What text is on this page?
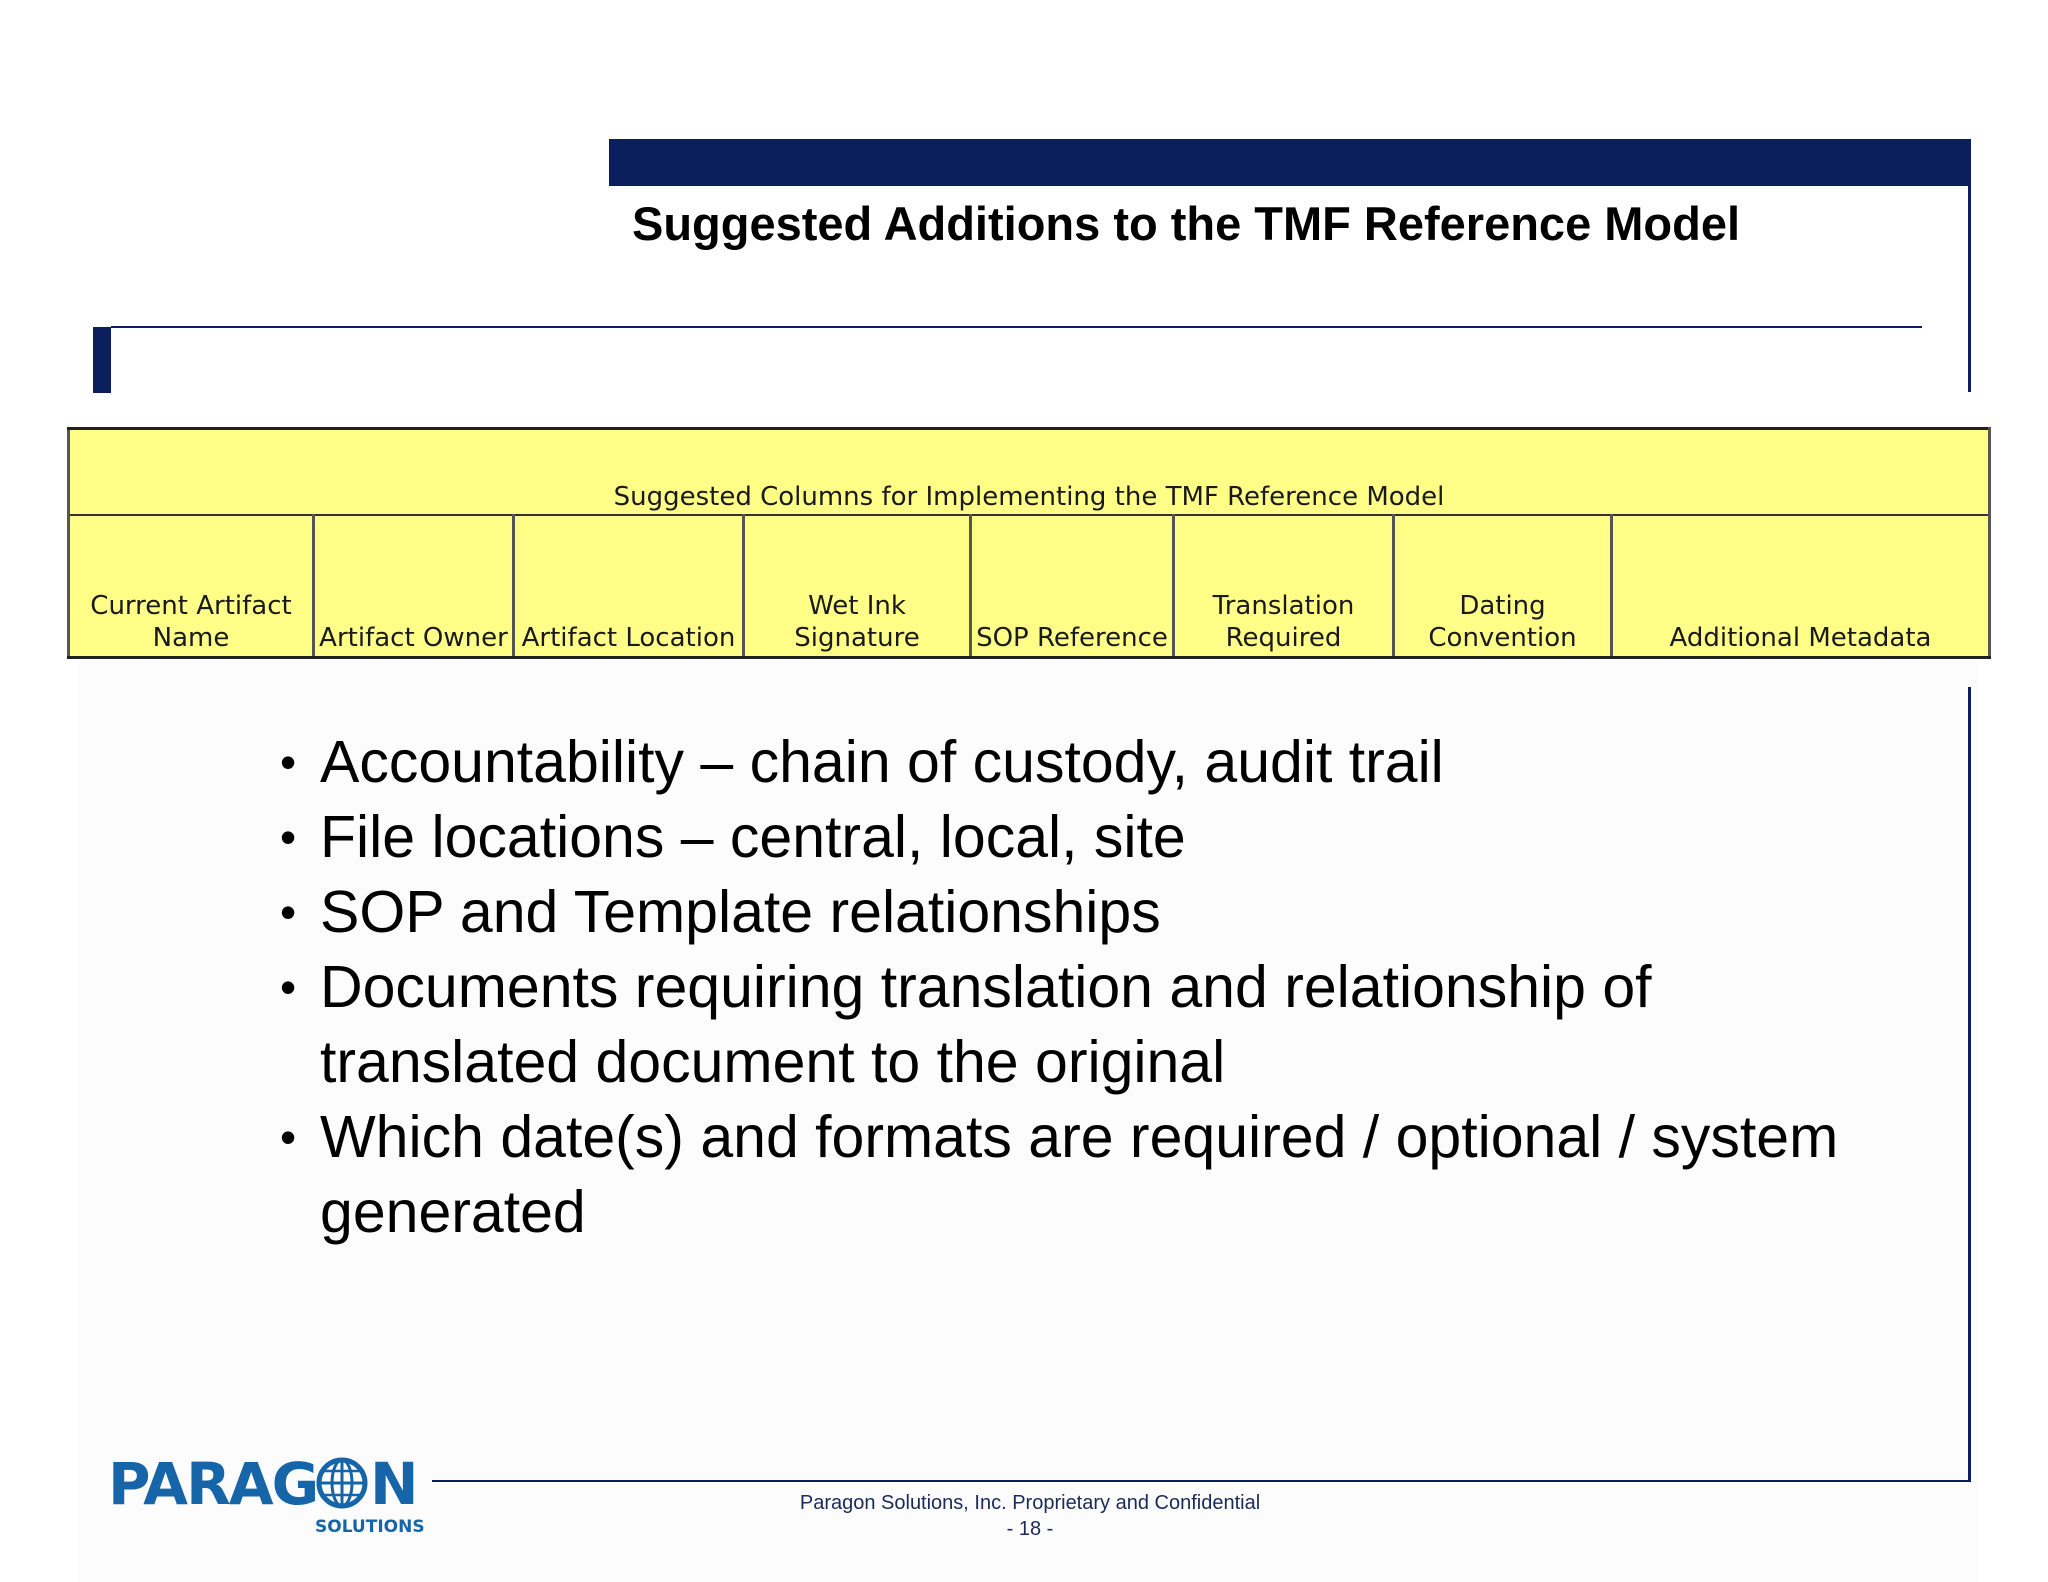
Suggested Additions to the TMF Reference Model
Suggested Columns for Implementing the TMF Reference Model
Current Artifact Name	Artifact Owner	Artifact Location	Wet Ink Signature	SOP Reference	Translation Required	Dating Convention	Additional Metadata
• Accountability – chain of custody, audit trail
• File locations – central, local, site
• SOP and Template relationships
• Documents requiring translation and relationship of translated document to the original
• Which date(s) and formats are required / optional / system generated
PARAG N
SOLUTIONS
Paragon Solutions, Inc. Proprietary and Confidential
- 18 -
